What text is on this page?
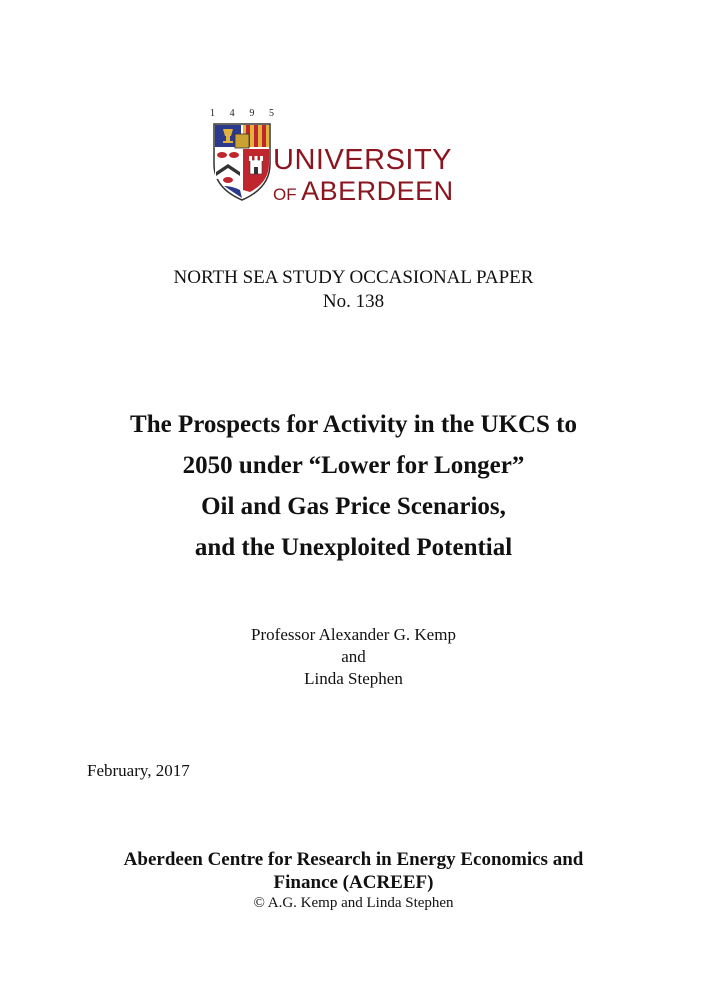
1 4 9 5
UNIVERSITY
OF ABERDEEN
NORTH SEA STUDY OCCASIONAL PAPER
No. 138
The Prospects for Activity in the UKCS to
2050 under “Lower for Longer”
Oil and Gas Price Scenarios,
and the Unexploited Potential
Professor Alexander G. Kemp
and
Linda Stephen
February, 2017
Aberdeen Centre for Research in Energy Economics and
Finance (ACREEF)
© A.G. Kemp and Linda Stephen
